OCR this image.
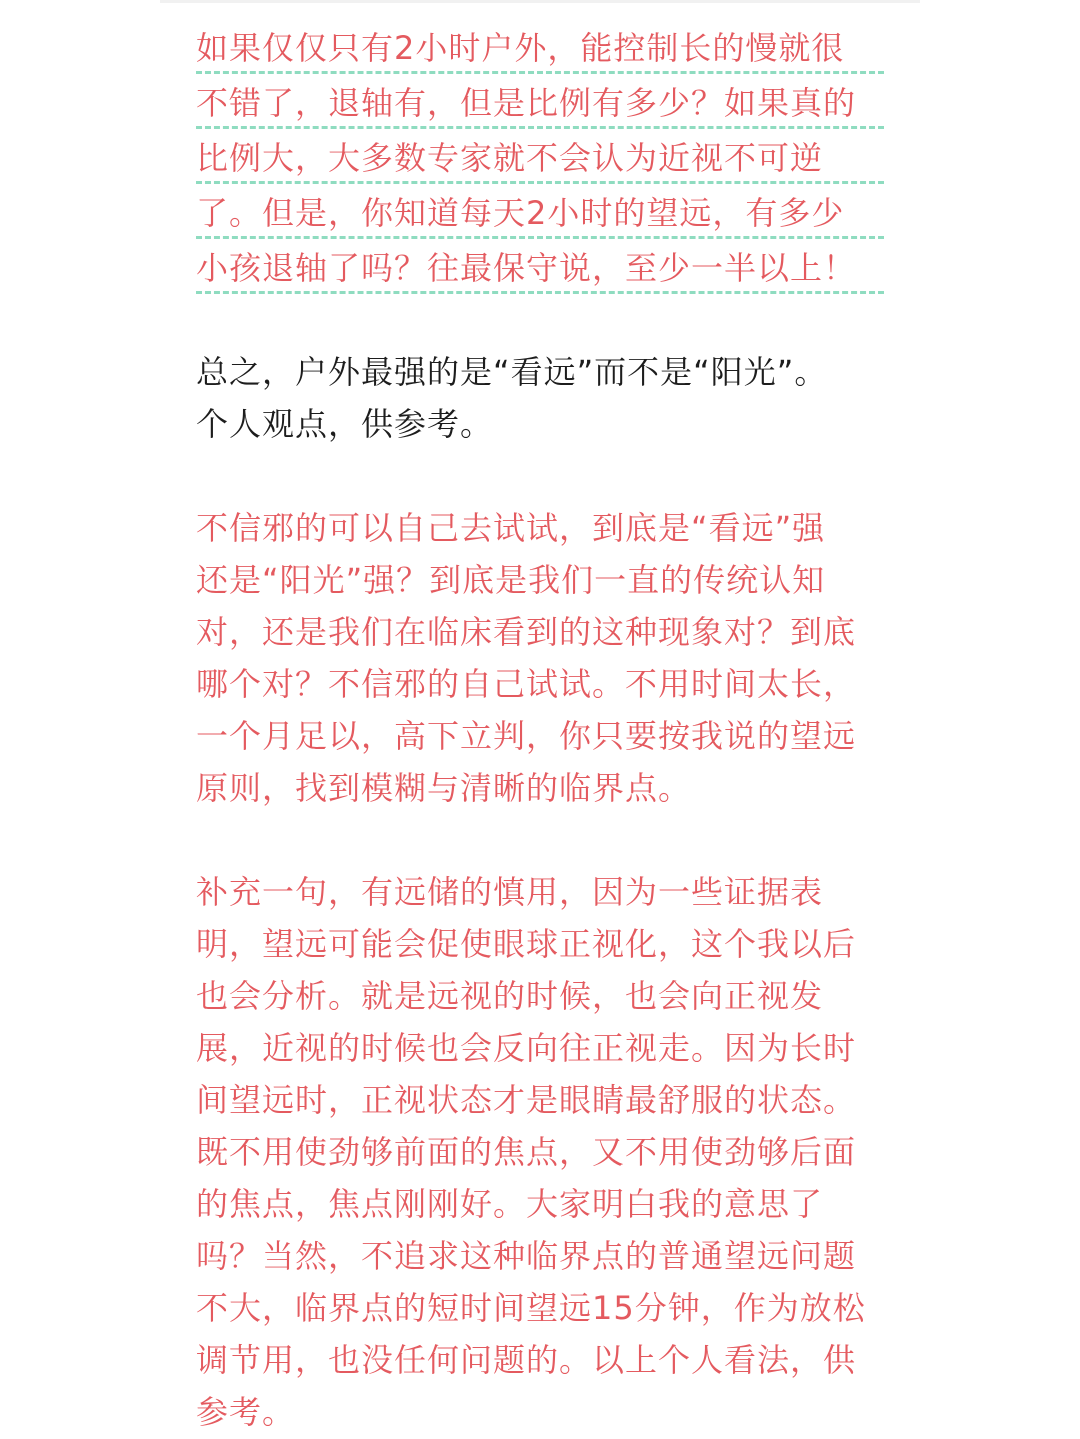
如果仅仅只有2小时户外，能控制长的慢就很
不错了，退轴有，但是比例有多少？如果真的
比例大，大多数专家就不会认为近视不可逆
了。但是，你知道每天2小时的望远，有多少
小孩退轴了吗？往最保守说，至少一半以上！

总之，户外最强的是“看远”而不是“阳光”。
个人观点，供参考。

不信邪的可以自己去试试，到底是“看远”强
还是“阳光”强？到底是我们一直的传统认知
对，还是我们在临床看到的这种现象对？到底
哪个对？不信邪的自己试试。不用时间太长，
一个月足以，高下立判，你只要按我说的望远
原则，找到模糊与清晰的临界点。

补充一句，有远储的慎用，因为一些证据表
明，望远可能会促使眼球正视化，这个我以后
也会分析。就是远视的时候，也会向正视发
展，近视的时候也会反向往正视走。因为长时
间望远时，正视状态才是眼睛最舒服的状态。
既不用使劲够前面的焦点，又不用使劲够后面
的焦点，焦点刚刚好。大家明白我的意思了
吗？当然，不追求这种临界点的普通望远问题
不大，临界点的短时间望远15分钟，作为放松
调节用，也没任何问题的。以上个人看法，供
参考。
